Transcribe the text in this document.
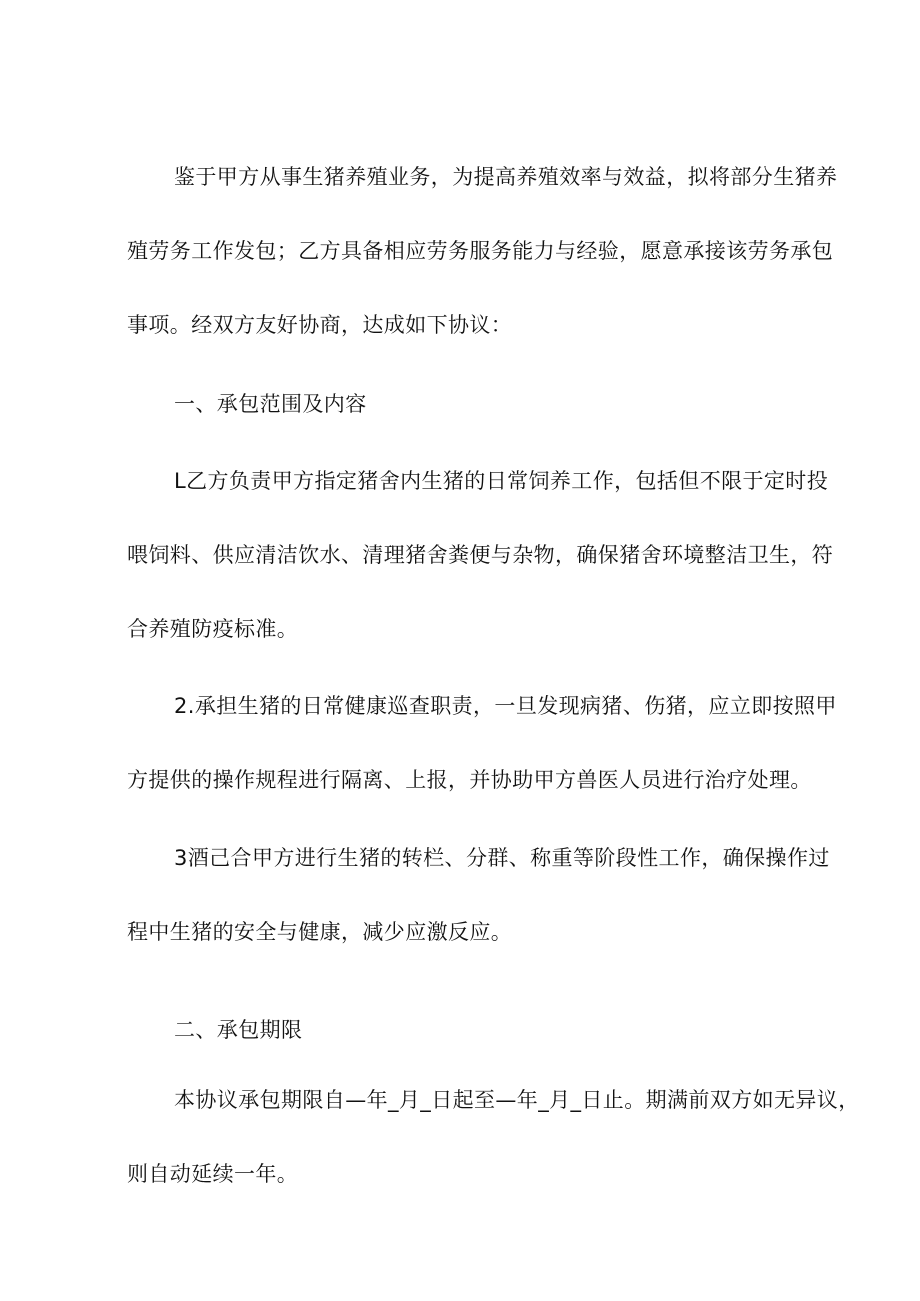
鉴于甲方从事生猪养殖业务，为提高养殖效率与效益，拟将部分生猪养
殖劳务工作发包；乙方具备相应劳务服务能力与经验，愿意承接该劳务承包
事项。经双方友好协商，达成如下协议：
一、承包范围及内容
L乙方负责甲方指定猪舍内生猪的日常饲养工作，包括但不限于定时投
喂饲料、供应清洁饮水、清理猪舍粪便与杂物，确保猪舍环境整洁卫生，符
合养殖防疫标准。
2.承担生猪的日常健康巡查职责，一旦发现病猪、伤猪，应立即按照甲
方提供的操作规程进行隔离、上报，并协助甲方兽医人员进行治疗处理。
3酒己合甲方进行生猪的转栏、分群、称重等阶段性工作，确保操作过
程中生猪的安全与健康，减少应激反应。
二、承包期限
本协议承包期限自—年_月_日起至—年_月_日止。期满前双方如无异议，
则自动延续一年。
